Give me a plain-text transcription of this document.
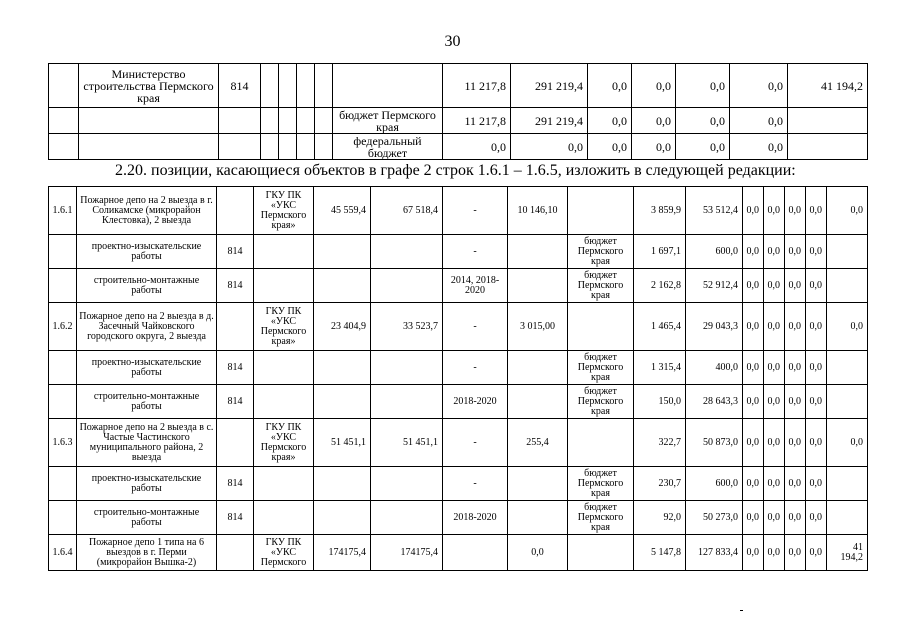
30
	Министерство строительства Пермского края	814						11 217,8	291 219,4	0,0	0,0	0,0	0,0	41 194,2
							бюджет Пермского края	11 217,8	291 219,4	0,0	0,0	0,0	0,0	
							федеральный бюджет	0,0	0,0	0,0	0,0	0,0	0,0	
2.20. позиции, касающиеся объектов в графе 2 строк 1.6.1 – 1.6.5, изложить в следующей редакции:
1.6.1	Пожарное депо на 2 выезда в г. Соликамске (микрорайон Клестовка), 2 выезда		ГКУ ПК «УКС Пермского края»	45 559,4	67 518,4	-	10 146,10		3 859,9	53 512,4	0,0	0,0	0,0	0,0	0,0
	проектно-изыскательские работы	814				-		бюджет Пермского края	1 697,1	600,0	0,0	0,0	0,0	0,0	
	строительно-монтажные работы	814				2014, 2018-2020		бюджет Пермского края	2 162,8	52 912,4	0,0	0,0	0,0	0,0	
1.6.2	Пожарное депо на 2 выезда в д. Засечный Чайковского городского округа, 2 выезда		ГКУ ПК «УКС Пермского края»	23 404,9	33 523,7	-	3 015,00		1 465,4	29 043,3	0,0	0,0	0,0	0,0	0,0
	проектно-изыскательские работы	814				-		бюджет Пермского края	1 315,4	400,0	0,0	0,0	0,0	0,0	
	строительно-монтажные работы	814				2018-2020		бюджет Пермского края	150,0	28 643,3	0,0	0,0	0,0	0,0	
1.6.3	Пожарное депо на 2 выезда в с. Частые Частинского муниципального района, 2 выезда		ГКУ ПК «УКС Пермского края»	51 451,1	51 451,1	-	255,4		322,7	50 873,0	0,0	0,0	0,0	0,0	0,0
	проектно-изыскательские работы	814				-		бюджет Пермского края	230,7	600,0	0,0	0,0	0,0	0,0	
	строительно-монтажные работы	814				2018-2020		бюджет Пермского края	92,0	50 273,0	0,0	0,0	0,0	0,0	
1.6.4	Пожарное депо 1 типа на 6 выездов в г. Перми (микрорайон Вышка-2)		ГКУ ПК «УКС Пермского	174175,4	174175,4		0,0		5 147,8	127 833,4	0,0	0,0	0,0	0,0	41 194,2
